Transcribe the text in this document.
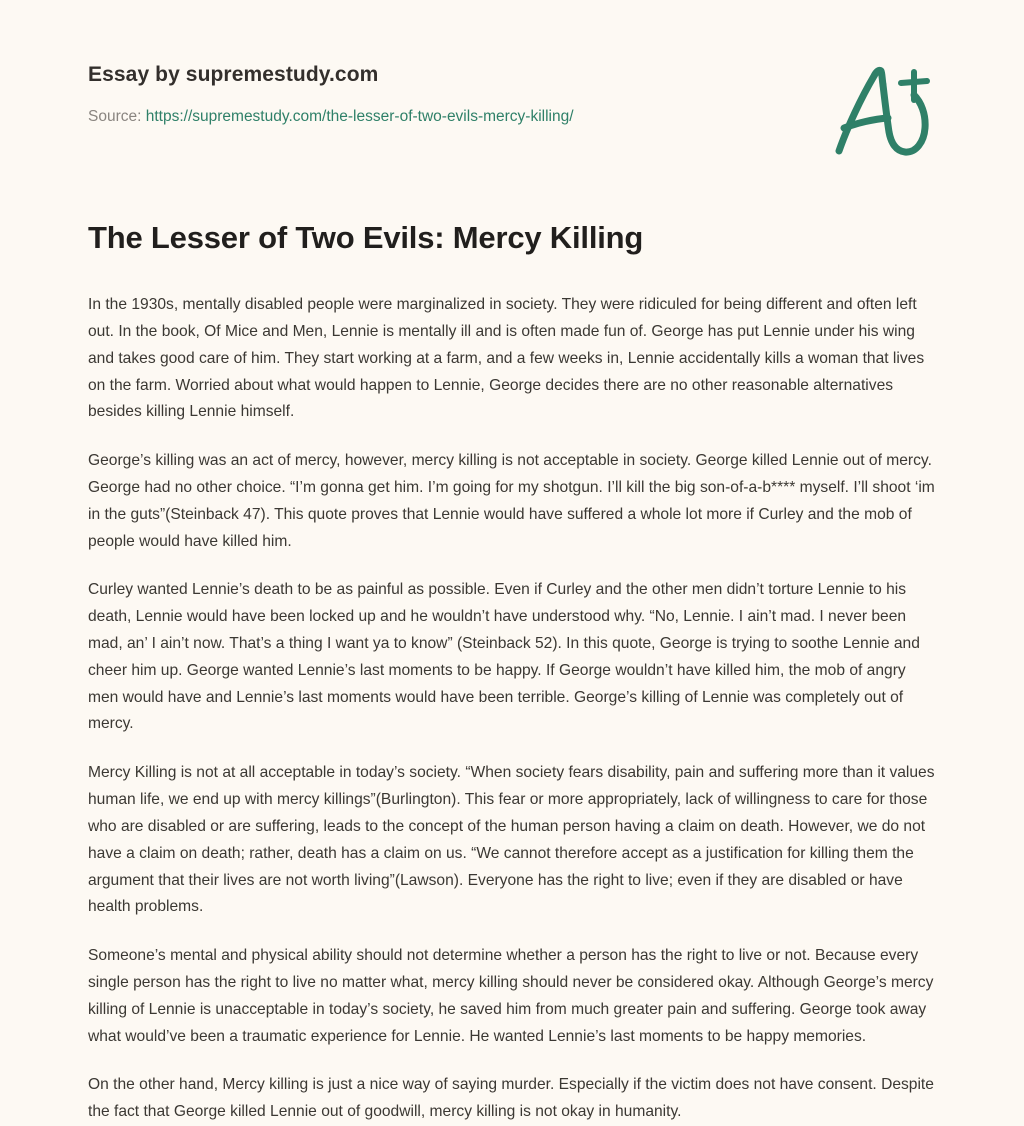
Essay by supremestudy.com
Source: https://supremestudy.com/the-lesser-of-two-evils-mercy-killing/
The Lesser of Two Evils: Mercy Killing

In the 1930s, mentally disabled people were marginalized in society. They were ridiculed for being different and often left out. In the book, Of Mice and Men, Lennie is mentally ill and is often made fun of. George has put Lennie under his wing and takes good care of him. They start working at a farm, and a few weeks in, Lennie accidentally kills a woman that lives on the farm. Worried about what would happen to Lennie, George decides there are no other reasonable alternatives besides killing Lennie himself.

George’s killing was an act of mercy, however, mercy killing is not acceptable in society. George killed Lennie out of mercy. George had no other choice. “I’m gonna get him. I’m going for my shotgun. I’ll kill the big son-of-a-b**** myself. I’ll shoot ‘im in the guts”(Steinback 47). This quote proves that Lennie would have suffered a whole lot more if Curley and the mob of people would have killed him.

Curley wanted Lennie’s death to be as painful as possible. Even if Curley and the other men didn’t torture Lennie to his death, Lennie would have been locked up and he wouldn’t have understood why. “No, Lennie. I ain’t mad. I never been mad, an’ I ain’t now. That’s a thing I want ya to know” (Steinback 52). In this quote, George is trying to soothe Lennie and cheer him up. George wanted Lennie’s last moments to be happy. If George wouldn’t have killed him, the mob of angry men would have and Lennie’s last moments would have been terrible. George’s killing of Lennie was completely out of mercy.

Mercy Killing is not at all acceptable in today’s society. “When society fears disability, pain and suffering more than it values human life, we end up with mercy killings”(Burlington). This fear or more appropriately, lack of willingness to care for those who are disabled or are suffering, leads to the concept of the human person having a claim on death. However, we do not have a claim on death; rather, death has a claim on us. “We cannot therefore accept as a justification for killing them the argument that their lives are not worth living”(Lawson). Everyone has the right to live; even if they are disabled or have health problems.

Someone’s mental and physical ability should not determine whether a person has the right to live or not. Because every single person has the right to live no matter what, mercy killing should never be considered okay. Although George’s mercy killing of Lennie is unacceptable in today’s society, he saved him from much greater pain and suffering. George took away what would’ve been a traumatic experience for Lennie. He wanted Lennie’s last moments to be happy memories.

On the other hand, Mercy killing is just a nice way of saying murder. Especially if the victim does not have consent. Despite the fact that George killed Lennie out of goodwill, mercy killing is not okay in humanity.
